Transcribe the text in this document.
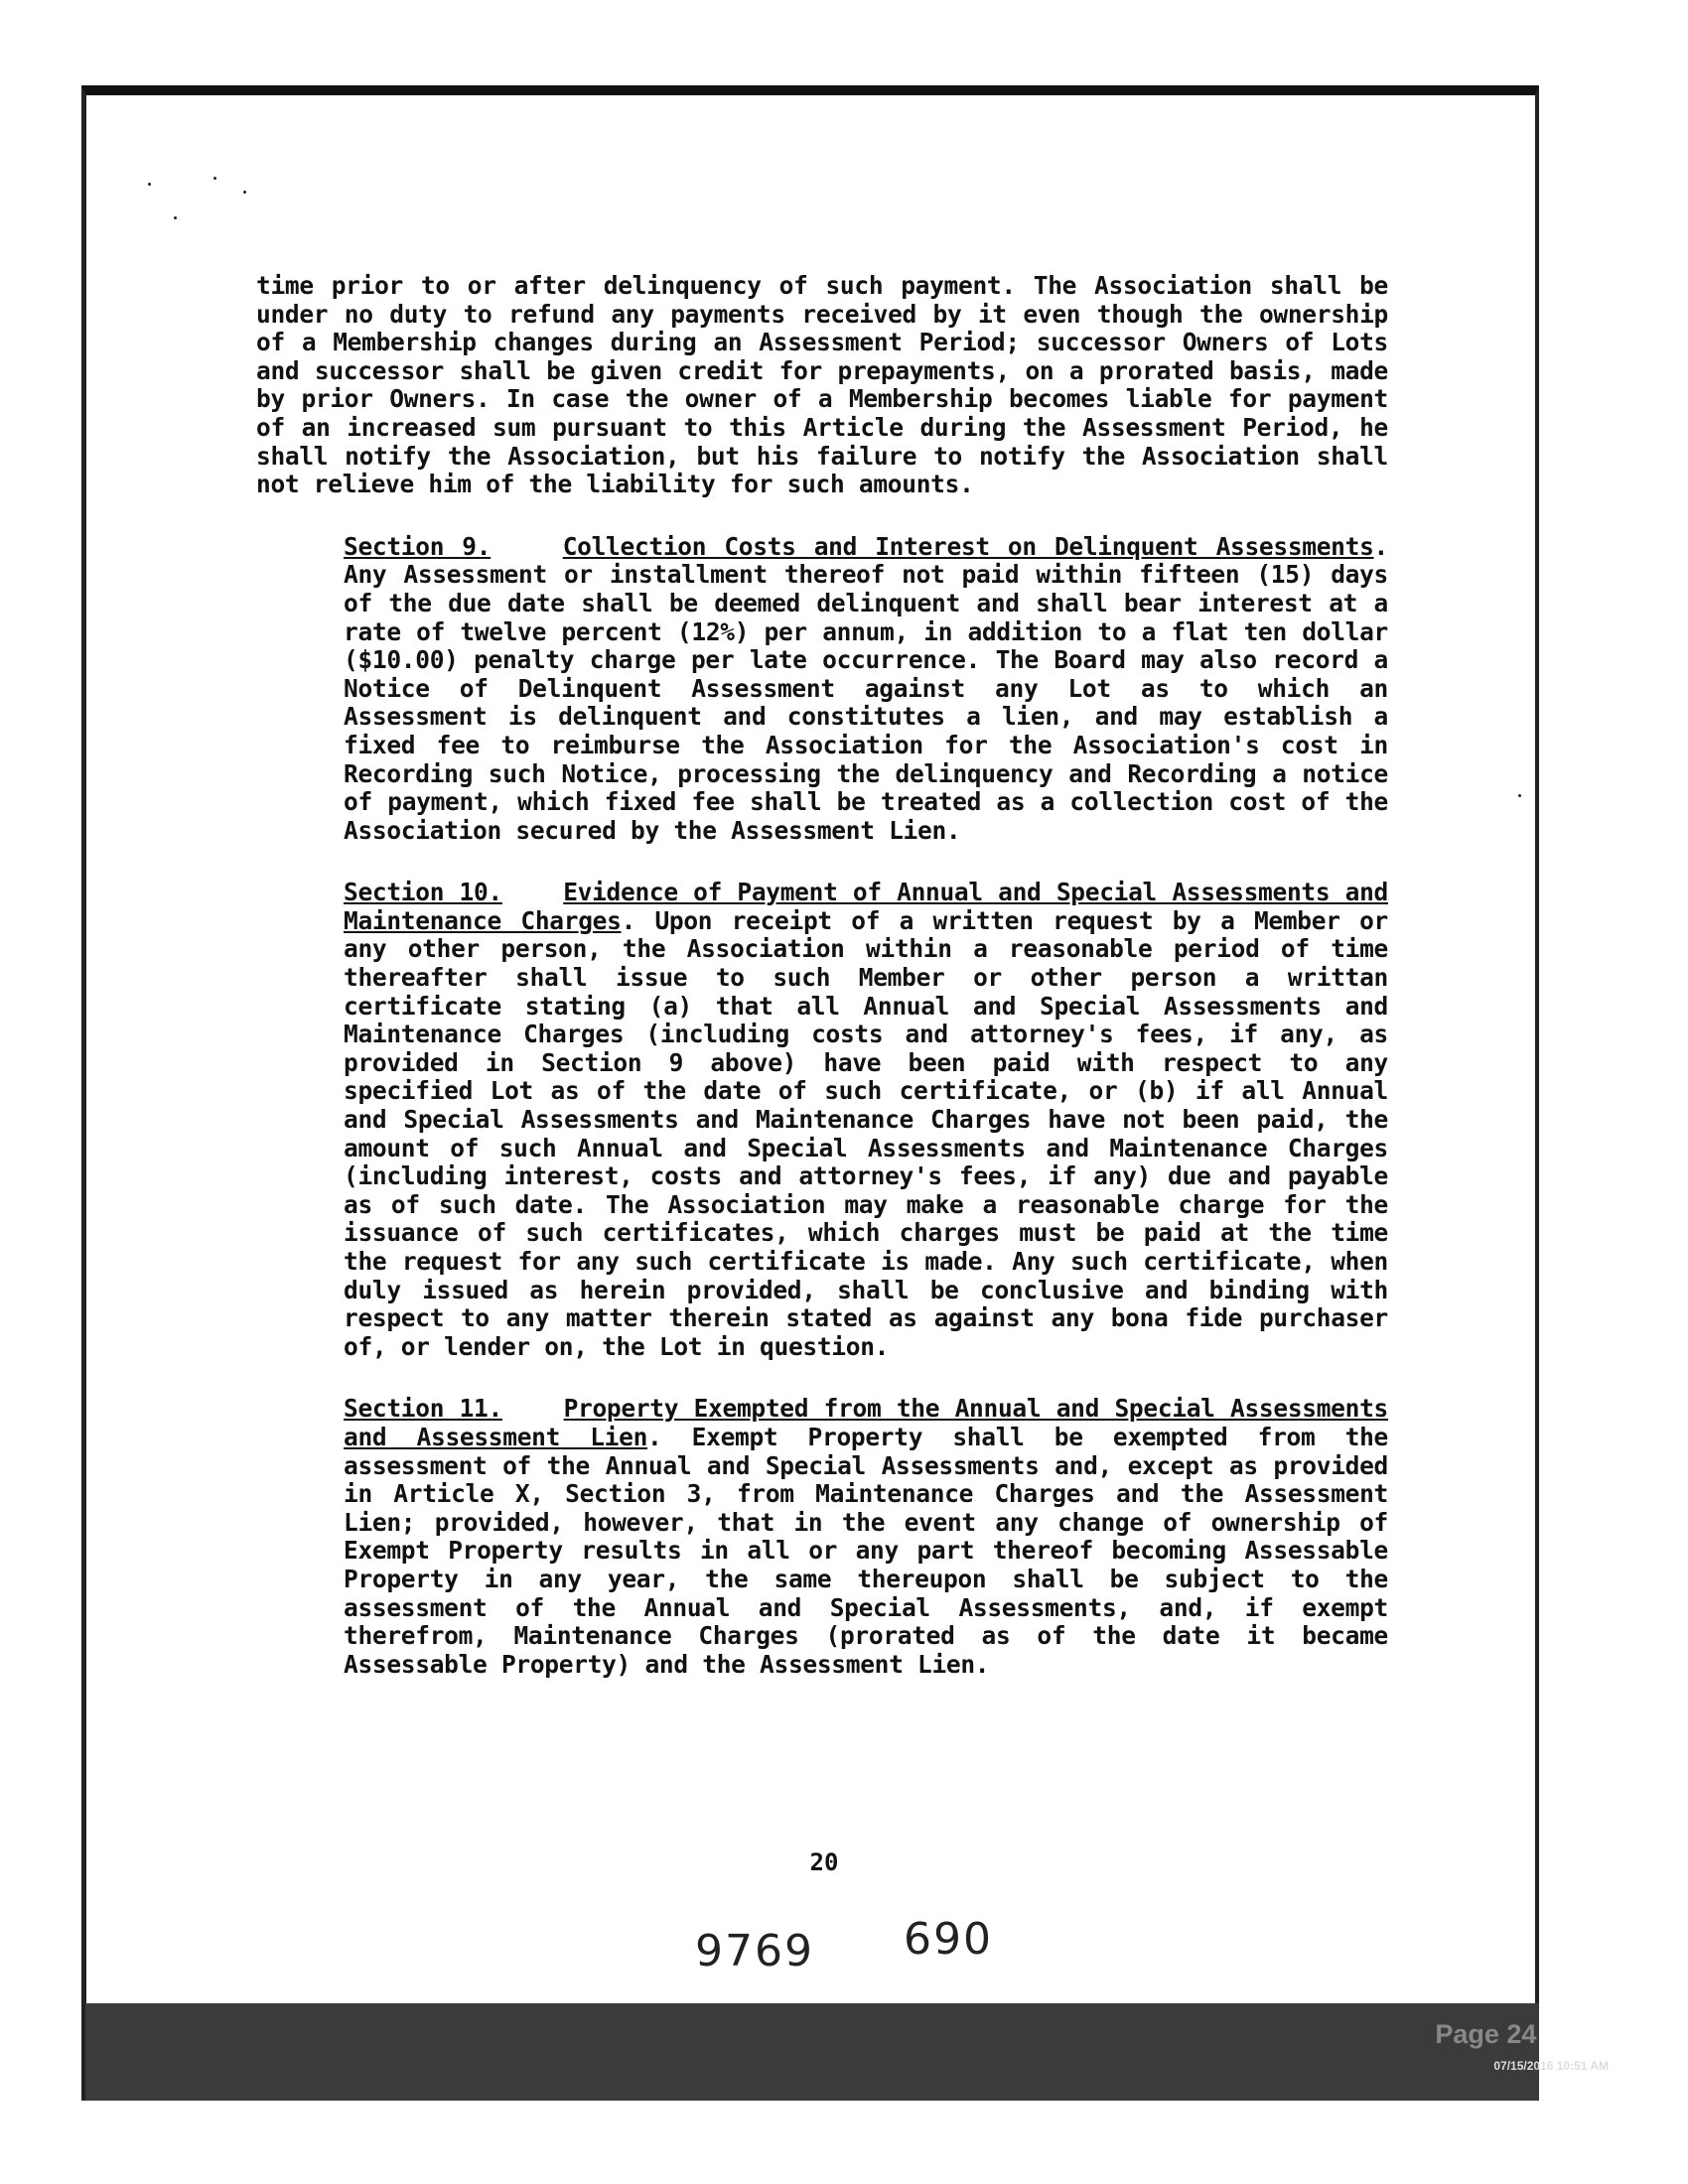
time prior to or after delinquency of such payment. The Association shall be under no duty to refund any payments received by it even though the ownership of a Membership changes during an Assessment Period; successor Owners of Lots and successor shall be given credit for prepayments, on a prorated basis, made by prior Owners. In case the owner of a Membership becomes liable for payment of an increased sum pursuant to this Article during the Assessment Period, he shall notify the Association, but his failure to notify the Association shall not relieve him of the liability for such amounts.

Section 9.	Collection Costs and Interest on Delinquent Assessments. Any Assessment or installment thereof not paid within fifteen (15) days of the due date shall be deemed delinquent and shall bear interest at a rate of twelve percent (12%) per annum, in addition to a flat ten dollar ($10.00) penalty charge per late occurrence. The Board may also record a Notice of Delinquent Assessment against any Lot as to which an Assessment is delinquent and constitutes a lien, and may establish a fixed fee to reimburse the Association for the Association's cost in Recording such Notice, processing the delinquency and Recording a notice of payment, which fixed fee shall be treated as a collection cost of the Association secured by the Assessment Lien.

Section 10.	Evidence of Payment of Annual and Special Assessments and Maintenance Charges. Upon receipt of a written request by a Member or any other person, the Association within a reasonable period of time thereafter shall issue to such Member or other person a writtan certificate stating (a) that all Annual and Special Assessments and Maintenance Charges (including costs and attorney's fees, if any, as provided in Section 9 above) have been paid with respect to any specified Lot as of the date of such certificate, or (b) if all Annual and Special Assessments and Maintenance Charges have not been paid, the amount of such Annual and Special Assessments and Maintenance Charges (including interest, costs and attorney's fees, if any) due and payable as of such date. The Association may make a reasonable charge for the issuance of such certificates, which charges must be paid at the time the request for any such certificate is made. Any such certificate, when duly issued as herein provided, shall be conclusive and binding with respect to any matter therein stated as against any bona fide purchaser of, or lender on, the Lot in question.

Section 11.	Property Exempted from the Annual and Special Assessments and Assessment Lien. Exempt Property shall be exempted from the assessment of the Annual and Special Assessments and, except as provided in Article X, Section 3, from Maintenance Charges and the Assessment Lien; provided, however, that in the event any change of ownership of Exempt Property results in all or any part thereof becoming Assessable Property in any year, the same thereupon shall be subject to the assessment of the Annual and Special Assessments, and, if exempt therefrom, Maintenance Charges (prorated as of the date it became Assessable Property) and the Assessment Lien.

20
9769 690
Page 24 of 37
07/15/2016 10:51 AM
